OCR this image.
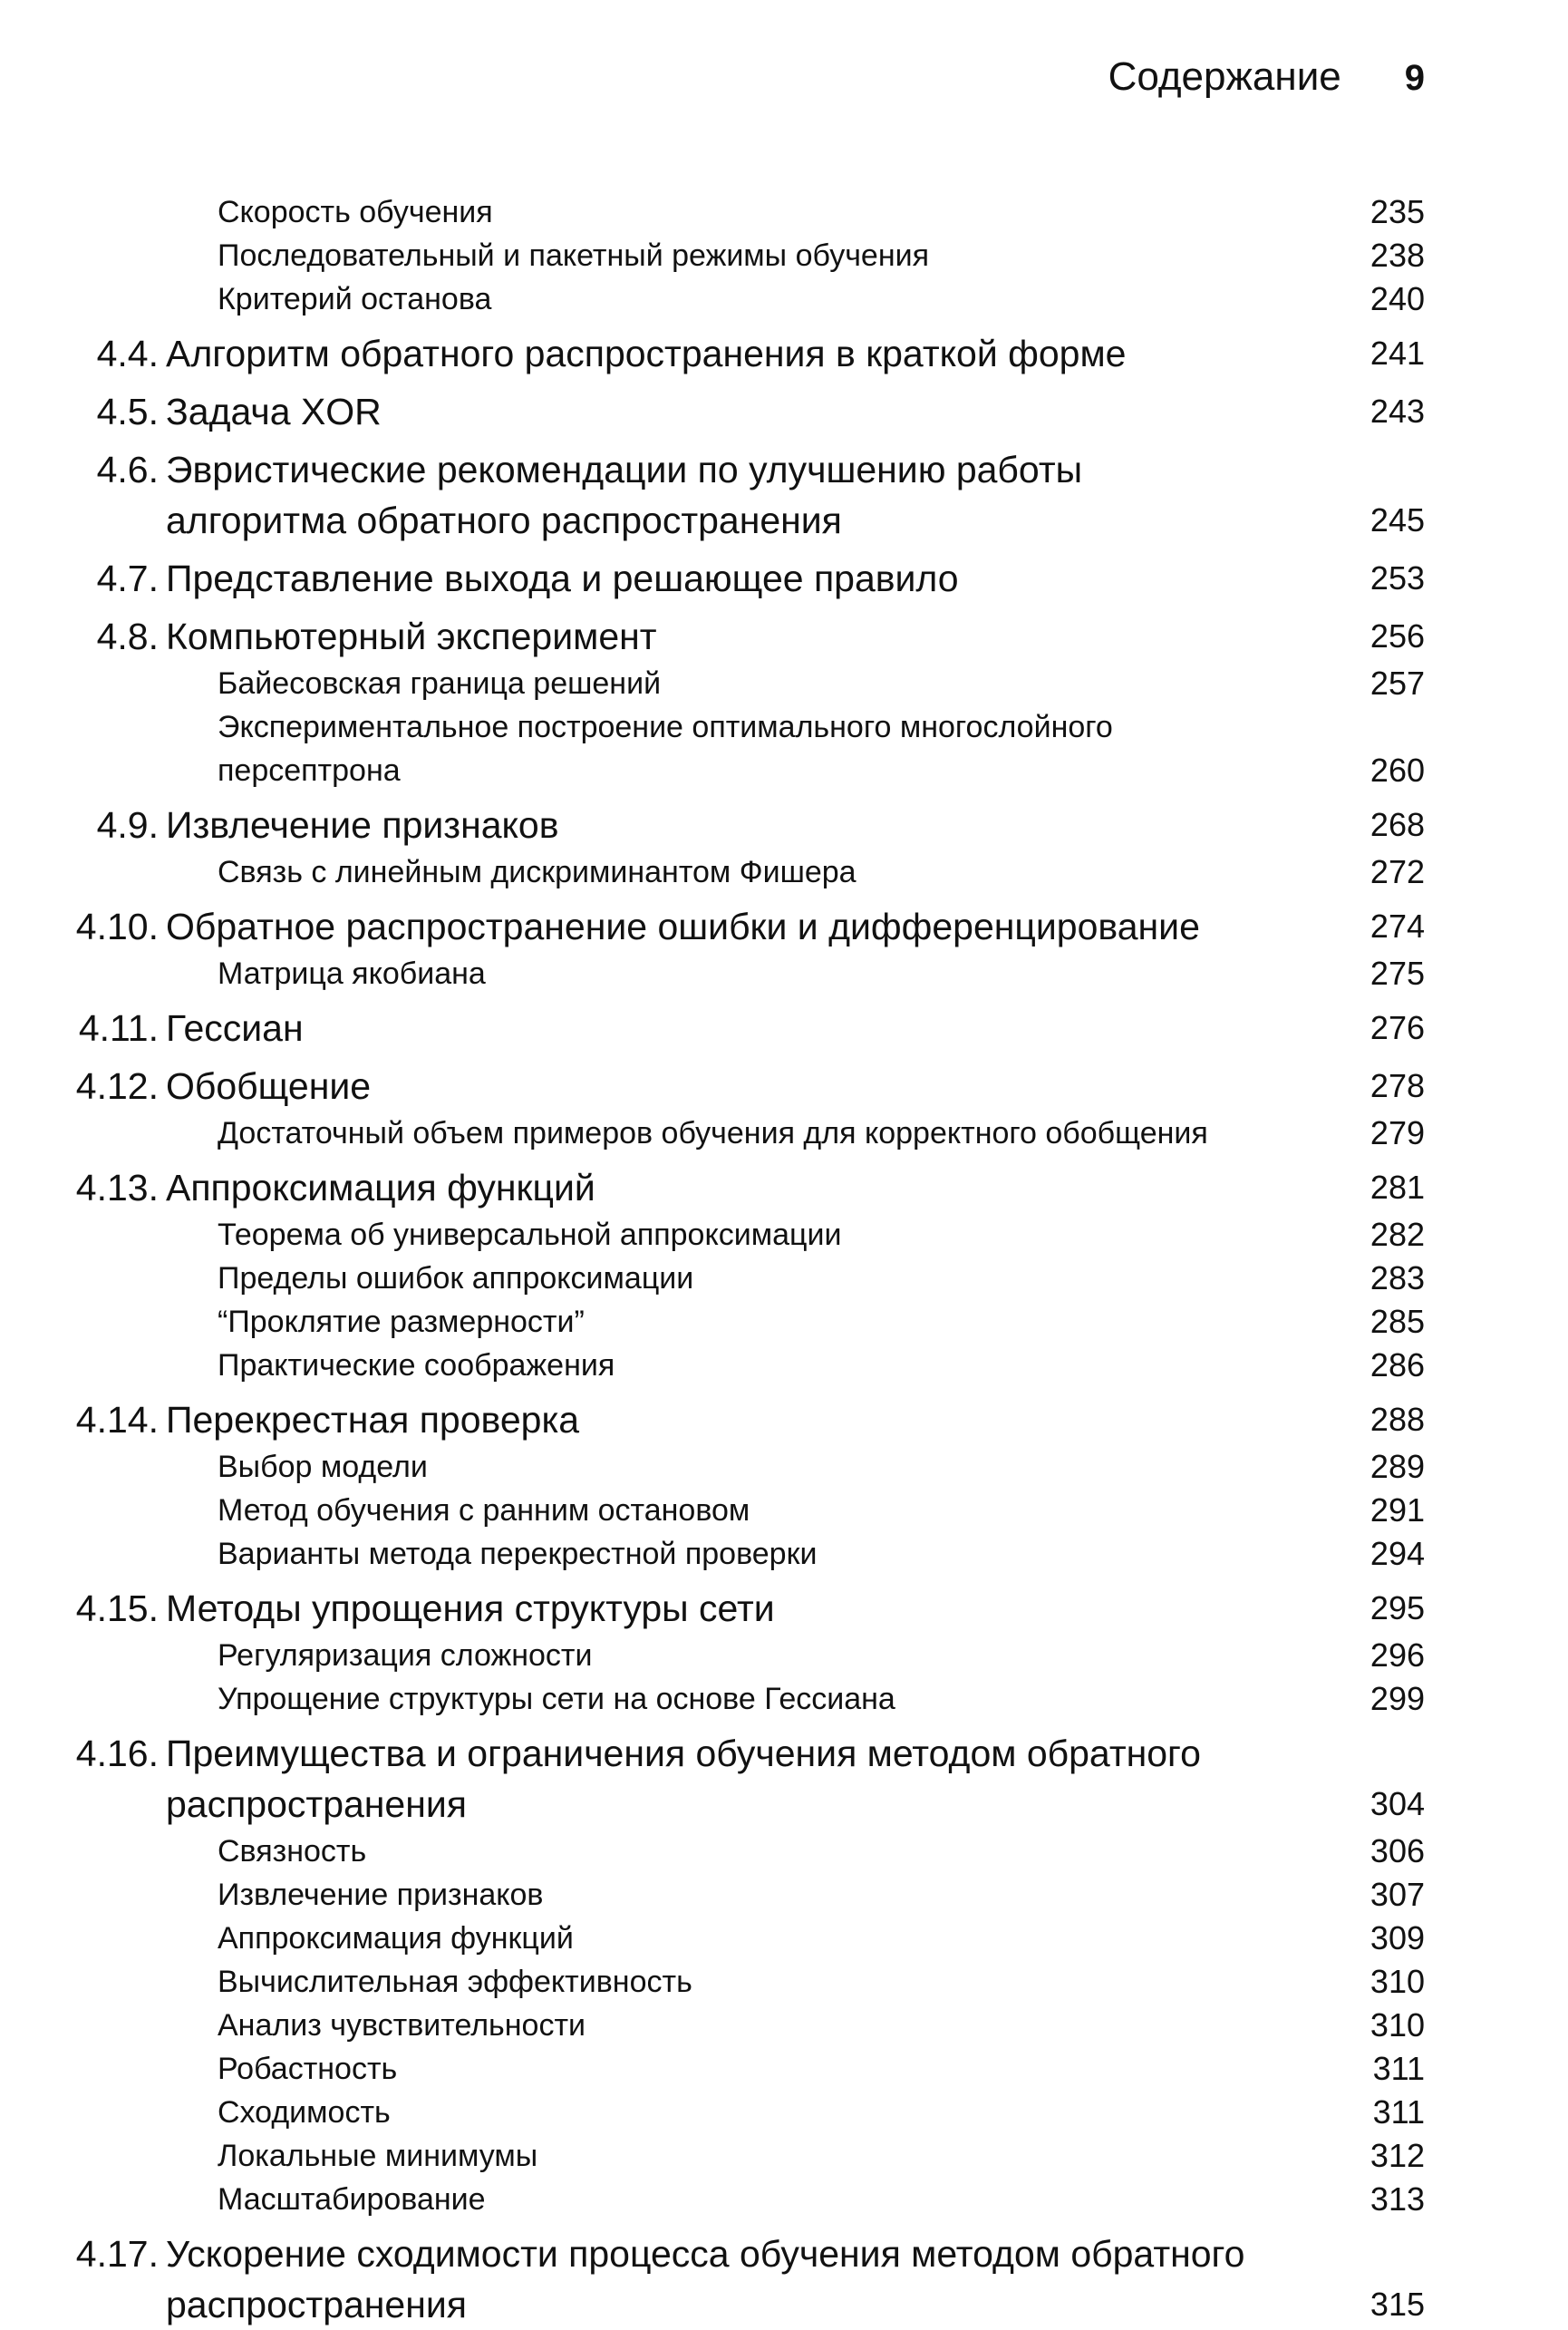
Содержание 9
Скорость обучения	235
Последовательный и пакетный режимы обучения	238
Критерий останова	240
4.4. Алгоритм обратного распространения в краткой форме	241
4.5. Задача XOR	243
4.6. Эвристические рекомендации по улучшению работы
алгоритма обратного распространения	245
4.7. Представление выхода и решающее правило	253
4.8. Компьютерный эксперимент	256
Байесовская граница решений	257
Экспериментальное построение оптимального многослойного
персептрона	260
4.9. Извлечение признаков	268
Связь с линейным дискриминантом Фишера	272
4.10. Обратное распространение ошибки и дифференцирование	274
Матрица якобиана	275
4.11. Гессиан	276
4.12. Обобщение	278
Достаточный объем примеров обучения для корректного обобщения	279
4.13. Аппроксимация функций	281
Теорема об универсальной аппроксимации	282
Пределы ошибок аппроксимации	283
“Проклятие размерности”	285
Практические соображения	286
4.14. Перекрестная проверка	288
Выбор модели	289
Метод обучения с ранним остановом	291
Варианты метода перекрестной проверки	294
4.15. Методы упрощения структуры сети	295
Регуляризация сложности	296
Упрощение структуры сети на основе Гессиана	299
4.16. Преимущества и ограничения обучения методом обратного
распространения	304
Связность	306
Извлечение признаков	307
Аппроксимация функций	309
Вычислительная эффективность	310
Анализ чувствительности	310
Робастность	311
Сходимость	311
Локальные минимумы	312
Масштабирование	313
4.17. Ускорение сходимости процесса обучения методом обратного
распространения	315
